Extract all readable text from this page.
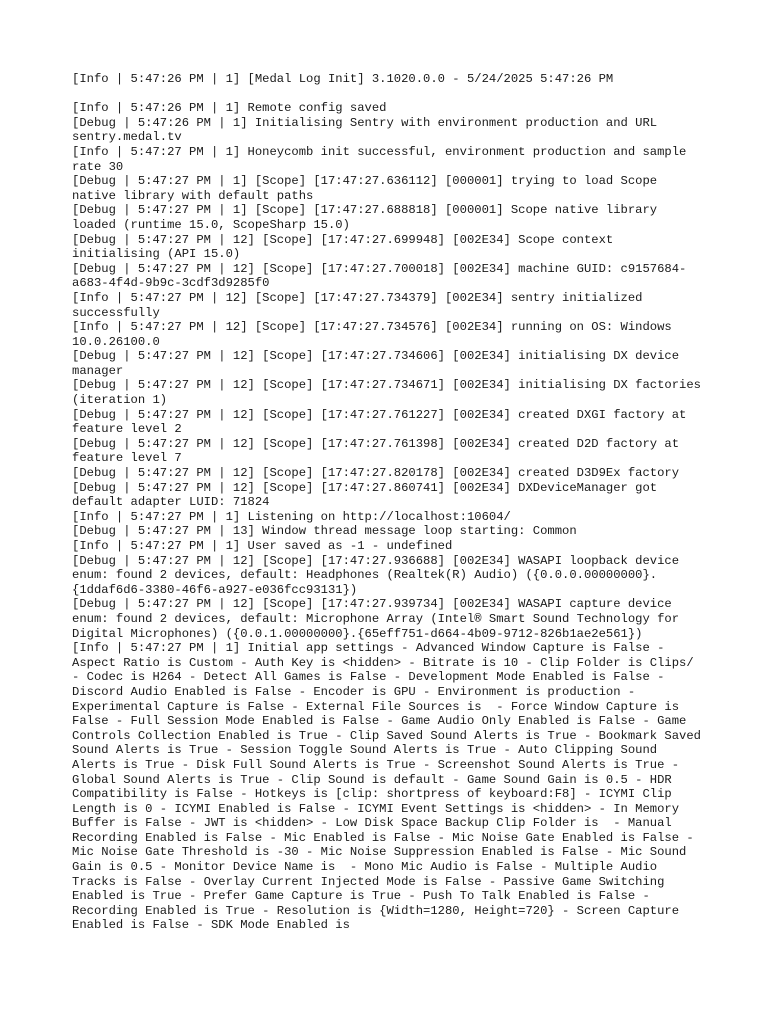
[Info | 5:47:26 PM | 1] [Medal Log Init] 3.1020.0.0 - 5/24/2025 5:47:26 PM

[Info | 5:47:26 PM | 1] Remote config saved

[Debug | 5:47:26 PM | 1] Initialising Sentry with environment production and URL sentry.medal.tv

[Info | 5:47:27 PM | 1] Honeycomb init successful, environment production and sample rate 30

[Debug | 5:47:27 PM | 1] [Scope] [17:47:27.636112] [000001] trying to load Scope native library with default paths

[Debug | 5:47:27 PM | 1] [Scope] [17:47:27.688818] [000001] Scope native library loaded (runtime 15.0, ScopeSharp 15.0)

[Debug | 5:47:27 PM | 12] [Scope] [17:47:27.699948] [002E34] Scope context initialising (API 15.0)

[Debug | 5:47:27 PM | 12] [Scope] [17:47:27.700018] [002E34] machine GUID: c9157684-a683-4f4d-9b9c-3cdf3d9285f0

[Info | 5:47:27 PM | 12] [Scope] [17:47:27.734379] [002E34] sentry initialized successfully

[Info | 5:47:27 PM | 12] [Scope] [17:47:27.734576] [002E34] running on OS: Windows 10.0.26100.0

[Debug | 5:47:27 PM | 12] [Scope] [17:47:27.734606] [002E34] initialising DX device manager

[Debug | 5:47:27 PM | 12] [Scope] [17:47:27.734671] [002E34] initialising DX factories (iteration 1)

[Debug | 5:47:27 PM | 12] [Scope] [17:47:27.761227] [002E34] created DXGI factory at feature level 2

[Debug | 5:47:27 PM | 12] [Scope] [17:47:27.761398] [002E34] created D2D factory at feature level 7

[Debug | 5:47:27 PM | 12] [Scope] [17:47:27.820178] [002E34] created D3D9Ex factory

[Debug | 5:47:27 PM | 12] [Scope] [17:47:27.860741] [002E34] DXDeviceManager got default adapter LUID: 71824

[Info | 5:47:27 PM | 1] Listening on http://localhost:10604/

[Debug | 5:47:27 PM | 13] Window thread message loop starting: Common

[Info | 5:47:27 PM | 1] User saved as -1 - undefined

[Debug | 5:47:27 PM | 12] [Scope] [17:47:27.936688] [002E34] WASAPI loopback device enum: found 2 devices, default: Headphones (Realtek(R) Audio) ({0.0.0.00000000}.{1ddaf6d6-3380-46f6-a927-e036fcc93131})

[Debug | 5:47:27 PM | 12] [Scope] [17:47:27.939734] [002E34] WASAPI capture device enum: found 2 devices, default: Microphone Array (Intel® Smart Sound Technology for Digital Microphones) ({0.0.1.00000000}.{65eff751-d664-4b09-9712-826b1ae2e561})

[Info | 5:47:27 PM | 1] Initial app settings - Advanced Window Capture is False - Aspect Ratio is Custom - Auth Key is <hidden> - Bitrate is 10 - Clip Folder is Clips/ - Codec is H264 - Detect All Games is False - Development Mode Enabled is False - Discord Audio Enabled is False - Encoder is GPU - Environment is production - Experimental Capture is False - External File Sources is  - Force Window Capture is False - Full Session Mode Enabled is False - Game Audio Only Enabled is False - Game Controls Collection Enabled is True - Clip Saved Sound Alerts is True - Bookmark Saved Sound Alerts is True - Session Toggle Sound Alerts is True - Auto Clipping Sound Alerts is True - Disk Full Sound Alerts is True - Screenshot Sound Alerts is True - Global Sound Alerts is True - Clip Sound is default - Game Sound Gain is 0.5 - HDR Compatibility is False - Hotkeys is [clip: shortpress of keyboard:F8] - ICYMI Clip Length is 0 - ICYMI Enabled is False - ICYMI Event Settings is <hidden> - In Memory Buffer is False - JWT is <hidden> - Low Disk Space Backup Clip Folder is  - Manual Recording Enabled is False - Mic Enabled is False - Mic Noise Gate Enabled is False - Mic Noise Gate Threshold is -30 - Mic Noise Suppression Enabled is False - Mic Sound Gain is 0.5 - Monitor Device Name is  - Mono Mic Audio is False - Multiple Audio Tracks is False - Overlay Current Injected Mode is False - Passive Game Switching Enabled is True - Prefer Game Capture is True - Push To Talk Enabled is False - Recording Enabled is True - Resolution is {Width=1280, Height=720} - Screen Capture Enabled is False - SDK Mode Enabled is
